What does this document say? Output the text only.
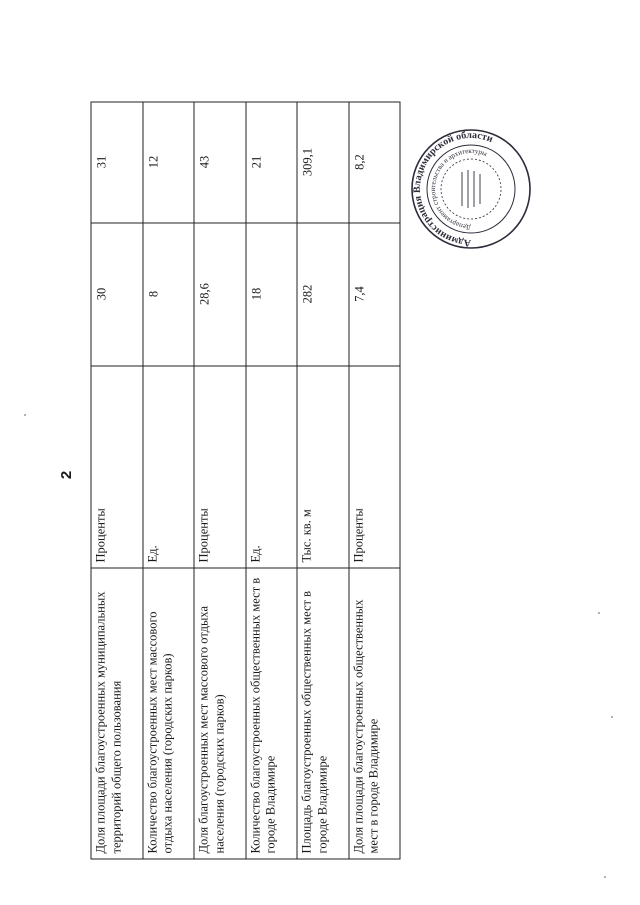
2
Доля площади благоустроенных муниципальных территорий общего пользования	Проценты	30	31
Количество благоустроенных мест массового отдыха населения (городских парков)	Ед.	8	12
Доля благоустроенных мест массового отдыха населения (городских парков)	Проценты	28,6	43
Количество благоустроенных общественных мест в городе Владимире	Ед.	18	21
Площадь благоустроенных общественных мест в городе Владимире	Тыс. кв. м	282	309,1
Доля площади благоустроенных общественных мест в городе Владимире	Проценты	7,4	8,2
Администрация Владимирской области
Департамент строительства и архитектуры
